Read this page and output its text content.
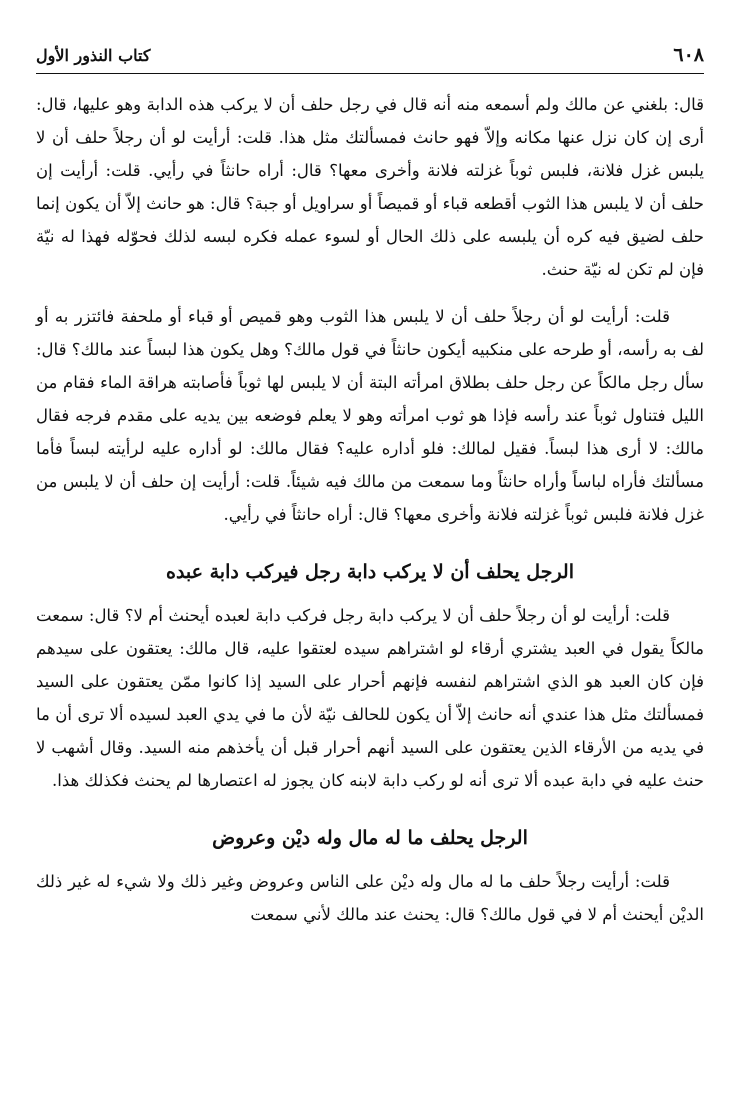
٦٠٨
كتاب النذور الأول

قال: بلغني عن مالك ولم أسمعه منه أنه قال في رجل حلف أن لا يركب هذه الدابة وهو عليها، قال: أرى إن كان نزل عنها مكانه وإلاّ فهو حانث فمسألتك مثل هذا. قلت: أرأيت لو أن رجلاً حلف أن لا يلبس غزل فلانة، فلبس ثوباً غزلته فلانة وأخرى معها؟ قال: أراه حانثاً في رأيي. قلت: أرأيت إن حلف أن لا يلبس هذا الثوب أقطعه قباء أو قميصاً أو سراويل أو جبة؟ قال: هو حانث إلاّ أن يكون إنما حلف لضيق فيه كره أن يلبسه على ذلك الحال أو لسوء عمله فكره لبسه لذلك فحوّله فهذا له نيّة فإن لم تكن له نيّة حنث.

قلت: أرأيت لو أن رجلاً حلف أن لا يلبس هذا الثوب وهو قميص أو قباء أو ملحفة فائتزر به أو لف به رأسه، أو طرحه على منكبيه أيكون حانثاً في قول مالك؟ وهل يكون هذا لبساً عند مالك؟ قال: سأل رجل مالكاً عن رجل حلف بطلاق امرأته البتة أن لا يلبس لها ثوباً فأصابته هراقة الماء فقام من الليل فتناول ثوباً عند رأسه فإذا هو ثوب امرأته وهو لا يعلم فوضعه بين يديه على مقدم فرجه فقال مالك: لا أرى هذا لبساً. فقيل لمالك: فلو أداره عليه؟ فقال مالك: لو أداره عليه لرأيته لبساً فأما مسألتك فأراه لباساً وأراه حانثاً وما سمعت من مالك فيه شيئاً. قلت: أرأيت إن حلف أن لا يلبس من غزل فلانة فلبس ثوباً غزلته فلانة وأخرى معها؟ قال: أراه حانثاً في رأيي.

الرجل يحلف أن لا يركب دابة رجل فيركب دابة عبده

قلت: أرأيت لو أن رجلاً حلف أن لا يركب دابة رجل فركب دابة لعبده أيحنث أم لا؟ قال: سمعت مالكاً يقول في العبد يشتري أرقاء لو اشتراهم سيده لعتقوا عليه، قال مالك: يعتقون على سيدهم فإن كان العبد هو الذي اشتراهم لنفسه فإنهم أحرار على السيد إذا كانوا ممّن يعتقون على السيد فمسألتك مثل هذا عندي أنه حانث إلاّ أن يكون للحالف نيّة لأن ما في يدي العبد لسيده ألا ترى أن ما في يديه من الأرقاء الذين يعتقون على السيد أنهم أحرار قبل أن يأخذهم منه السيد. وقال أشهب لا حنث عليه في دابة عبده ألا ترى أنه لو ركب دابة لابنه كان يجوز له اعتصارها لم يحنث فكذلك هذا.

الرجل يحلف ما له مال وله ديْن وعروض

قلت: أرأيت رجلاً حلف ما له مال وله ديْن على الناس وعروض وغير ذلك ولا شيء له غير ذلك الديْن أيحنث أم لا في قول مالك؟ قال: يحنث عند مالك لأني سمعت
